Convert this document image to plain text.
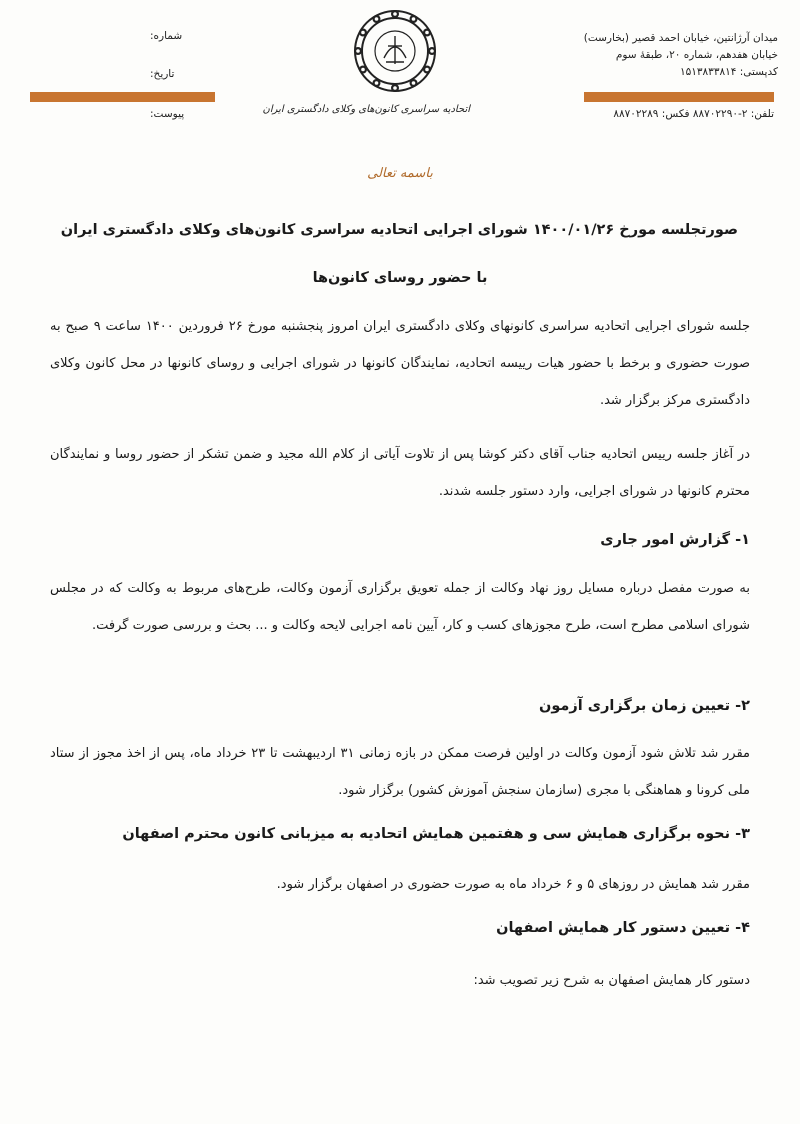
میدان آرژانتین، خیابان احمد قصیر (بخارست)
خیابان هفدهم، شماره ۲۰، طبقهٔ سوم
کدپستی: ۱۵۱۳۸۳۳۸۱۴
تلفن: ۲-۸۸۷۰۲۲۹۰ فکس: ۸۸۷۰۲۲۸۹
شماره:
تاریخ:
پیوست:	اتحادیه سراسری کانون‌های وکلای دادگستری ایران
باسمه تعالی
صورتجلسه مورخ ۱۴۰۰/۰۱/۲۶ شورای اجرایی اتحادیه سراسری کانون‌های وکلای دادگستری ایران
با حضور روسای کانون‌ها
جلسه شورای اجرایی اتحادیه سراسری کانونهای وکلای دادگستری ایران امروز پنجشنبه مورخ ۲۶ فروردین ۱۴۰۰ ساعت ۹ صبح به صورت حضوری و برخط با حضور هیات رییسه اتحادیه، نمایندگان کانونها در شورای اجرایی و روسای کانونها در محل کانون وکلای دادگستری مرکز برگزار شد.
در آغاز جلسه رییس اتحادیه جناب آقای دکتر کوشا پس از تلاوت آیاتی از کلام الله مجید و ضمن تشکر از حضور روسا و نمایندگان محترم کانونها در شورای اجرایی، وارد دستور جلسه شدند.
۱- گزارش امور جاری
به صورت مفصل درباره مسایل روز نهاد وکالت از جمله تعویق برگزاری آزمون وکالت، طرح‌های مربوط به وکالت که در مجلس شورای اسلامی مطرح است، طرح مجوزهای کسب و کار، آیین نامه اجرایی لایحه وکالت و ... بحث و بررسی صورت گرفت.
۲- تعیین زمان برگزاری آزمون
مقرر شد تلاش شود آزمون وکالت در اولین فرصت ممکن در بازه زمانی ۳۱ اردیبهشت تا ۲۳ خرداد ماه، پس از اخذ مجوز از ستاد ملی کرونا و هماهنگی با مجری (سازمان سنجش آموزش کشور) برگزار شود.
۳- نحوه برگزاری همایش سی و هفتمین همایش اتحادیه به میزبانی کانون محترم اصفهان
مقرر شد همایش در روزهای ۵ و ۶ خرداد ماه به صورت حضوری در اصفهان برگزار شود.
۴- تعیین دستور کار همایش اصفهان
دستور کار همایش اصفهان به شرح زیر تصویب شد:
